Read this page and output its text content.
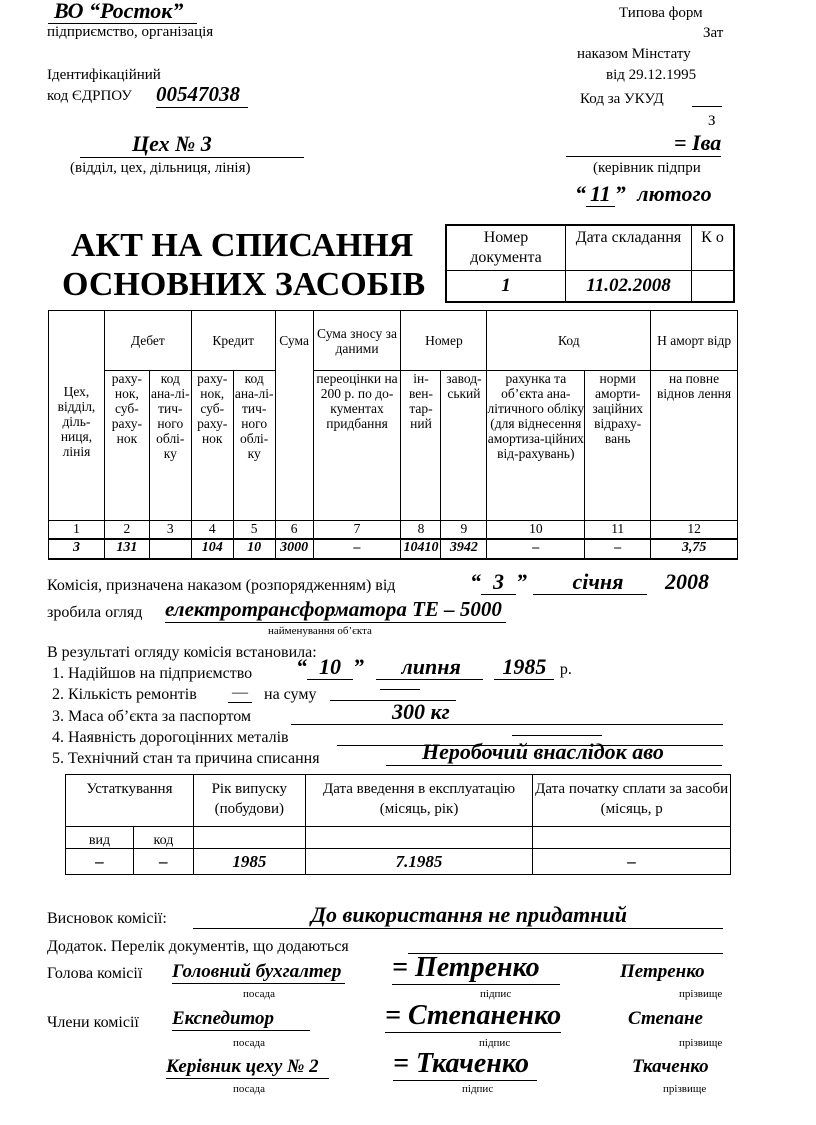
ВО “Росток”
підприємство, організація
Ідентифікаційний
код ЄДРПОУ 00547038
Типова форм
Зат
наказом Мінстату
від 29.12.1995
Код за УКУД
З
Цех № 3
(відділ, цех, дільниця, лінія)
= Іва
(керівник підпри
“ 11 ” лютого
АКТ НА СПИСАННЯ
ОСНОВНИХ ЗАСОБІВ
Номер документа	Дата складання	К о
1	11.02.2008	
Цех, відділ, діль-ниця, лінія	Дебет		Кредит		Сума	Сума зносу за даними	Номер		Код		Н аморт відр
	раху-нок, суб-раху-нок	код ана-лі-тич-ного облі-ку	раху-нок, суб-раху-нок	код ана-лі-тич-ного облі-ку		переоцінки на 200 р. по до-кументах придбання	ін-вен-тар-ний	завод-ський	рахунка та об’єкта ана-літичного обліку (для віднесення амортиза-ційних від-рахувань)	норми аморти-заційних відраху-вань	на повне віднов лення
1	2	3	4	5	6	7	8	9	10	11	12
3	131		104	10	3000	–	10410	3942	–	–	3,75
Комісія, призначена наказом (розпорядженням) від	“ 3 ” січня 2008
зробила огляд електротрансформатора ТЕ – 5000
найменування об’єкта
В результаті огляду комісія встановила:
1. Надійшов на підприємство “ 10 ” липня 1985 р.
2. Кількість ремонтів — на суму
3. Маса об’єкта за паспортом	300 кг
4. Наявність дорогоцінних металів
5. Технічний стан та причина списання	Неробочий внаслідок аво
Устаткування		Рік випуску (побудови)	Дата введення в експлуатацію (місяць, рік)	Дата початку сплати за засоби (місяць, р
вид	код			
–	–	1985	7.1985	–
Висновок комісії:	До використання не придатний
Додаток. Перелік документів, що додаються
Голова комісії Головний бухгалтер = Петренко	Петренко
посада	підпис	прізвище
Члени комісії Експедитор	= Степаненко	Степане
посада	підпис	прізвище
Керівник цеху № 2	= Ткаченко	Ткаченко
посада	підпис	прізвище
